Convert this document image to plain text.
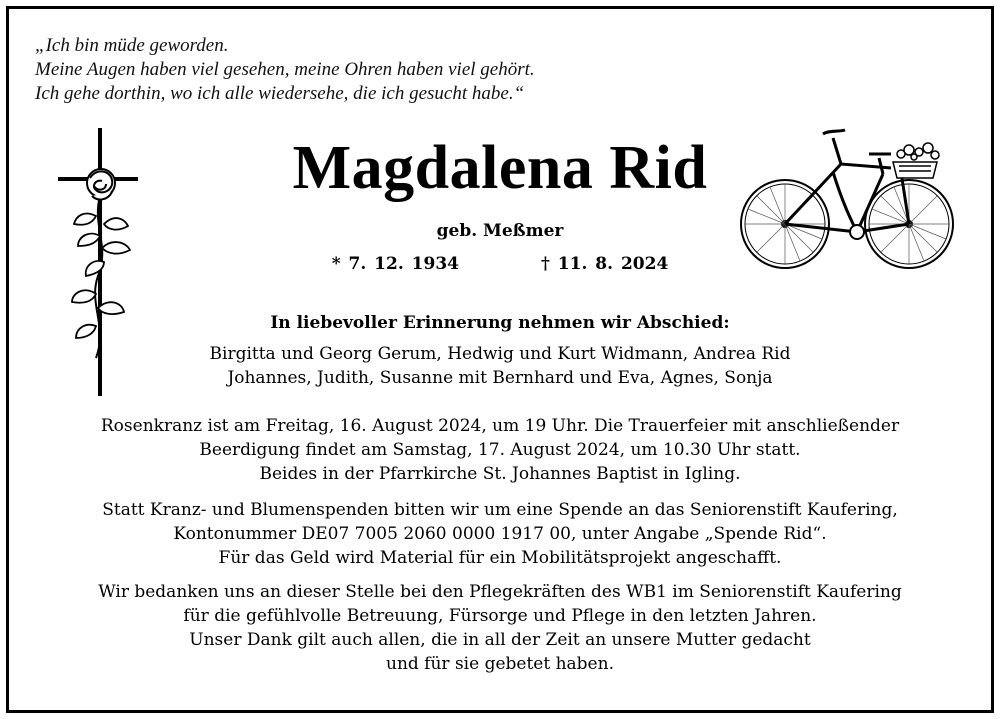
„Ich bin müde geworden.
Meine Augen haben viel gesehen, meine Ohren haben viel gehört.
Ich gehe dorthin, wo ich alle wiedersehe, die ich gesucht habe.“
Magdalena Rid
geb. Meßmer
* 7. 12. 1934	† 11. 8. 2024
In liebevoller Erinnerung nehmen wir Abschied:
Birgitta und Georg Gerum, Hedwig und Kurt Widmann, Andrea Rid
Johannes, Judith, Susanne mit Bernhard und Eva, Agnes, Sonja
Rosenkranz ist am Freitag, 16. August 2024, um 19 Uhr. Die Trauerfeier mit anschließender
Beerdigung findet am Samstag, 17. August 2024, um 10.30 Uhr statt.
Beides in der Pfarrkirche St. Johannes Baptist in Igling.
Statt Kranz- und Blumenspenden bitten wir um eine Spende an das Seniorenstift Kaufering,
Kontonummer DE07 7005 2060 0000 1917 00, unter Angabe „Spende Rid“.
Für das Geld wird Material für ein Mobilitätsprojekt angeschafft.
Wir bedanken uns an dieser Stelle bei den Pflegekräften des WB1 im Seniorenstift Kaufering
für die gefühlvolle Betreuung, Fürsorge und Pflege in den letzten Jahren.
Unser Dank gilt auch allen, die in all der Zeit an unsere Mutter gedacht
und für sie gebetet haben.
